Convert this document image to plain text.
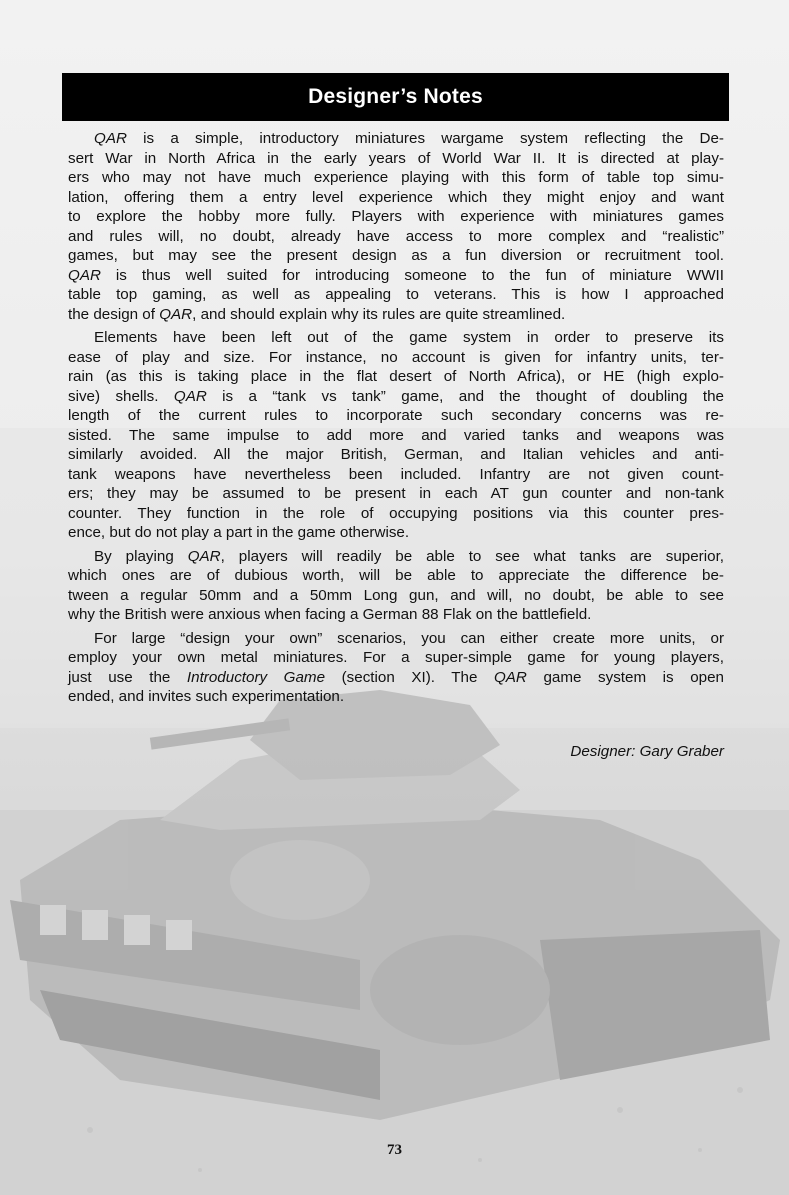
Designer’s Notes
QAR is a simple, introductory miniatures wargame system reflecting the De-
sert War in North Africa in the early years of World War II. It is directed at play-
ers who may not have much experience playing with this form of table top simu-
lation, offering them a entry level experience which they might enjoy and want
to explore the hobby more fully. Players with experience with miniatures games
and rules will, no doubt, already have access to more complex and “realistic”
games, but may see the present design as a fun diversion or recruitment tool.
QAR is thus well suited for introducing someone to the fun of miniature WWII
table top gaming, as well as appealing to veterans. This is how I approached
the design of QAR, and should explain why its rules are quite streamlined.
Elements have been left out of the game system in order to preserve its
ease of play and size. For instance, no account is given for infantry units, ter-
rain (as this is taking place in the flat desert of North Africa), or HE (high explo-
sive) shells. QAR is a “tank vs tank” game, and the thought of doubling the
length of the current rules to incorporate such secondary concerns was re-
sisted. The same impulse to add more and varied tanks and weapons was
similarly avoided. All the major British, German, and Italian vehicles and anti-
tank weapons have nevertheless been included. Infantry are not given count-
ers; they may be assumed to be present in each AT gun counter and non-tank
counter. They function in the role of occupying positions via this counter pres-
ence, but do not play a part in the game otherwise.
By playing QAR, players will readily be able to see what tanks are superior,
which ones are of dubious worth, will be able to appreciate the difference be-
tween a regular 50mm and a 50mm Long gun, and will, no doubt, be able to see
why the British were anxious when facing a German 88 Flak on the battlefield.
For large “design your own” scenarios, you can either create more units, or
employ your own metal miniatures. For a super-simple game for young players,
just use the Introductory Game (section XI). The QAR game system is open
ended, and invites such experimentation.
Designer: Gary Graber
73
